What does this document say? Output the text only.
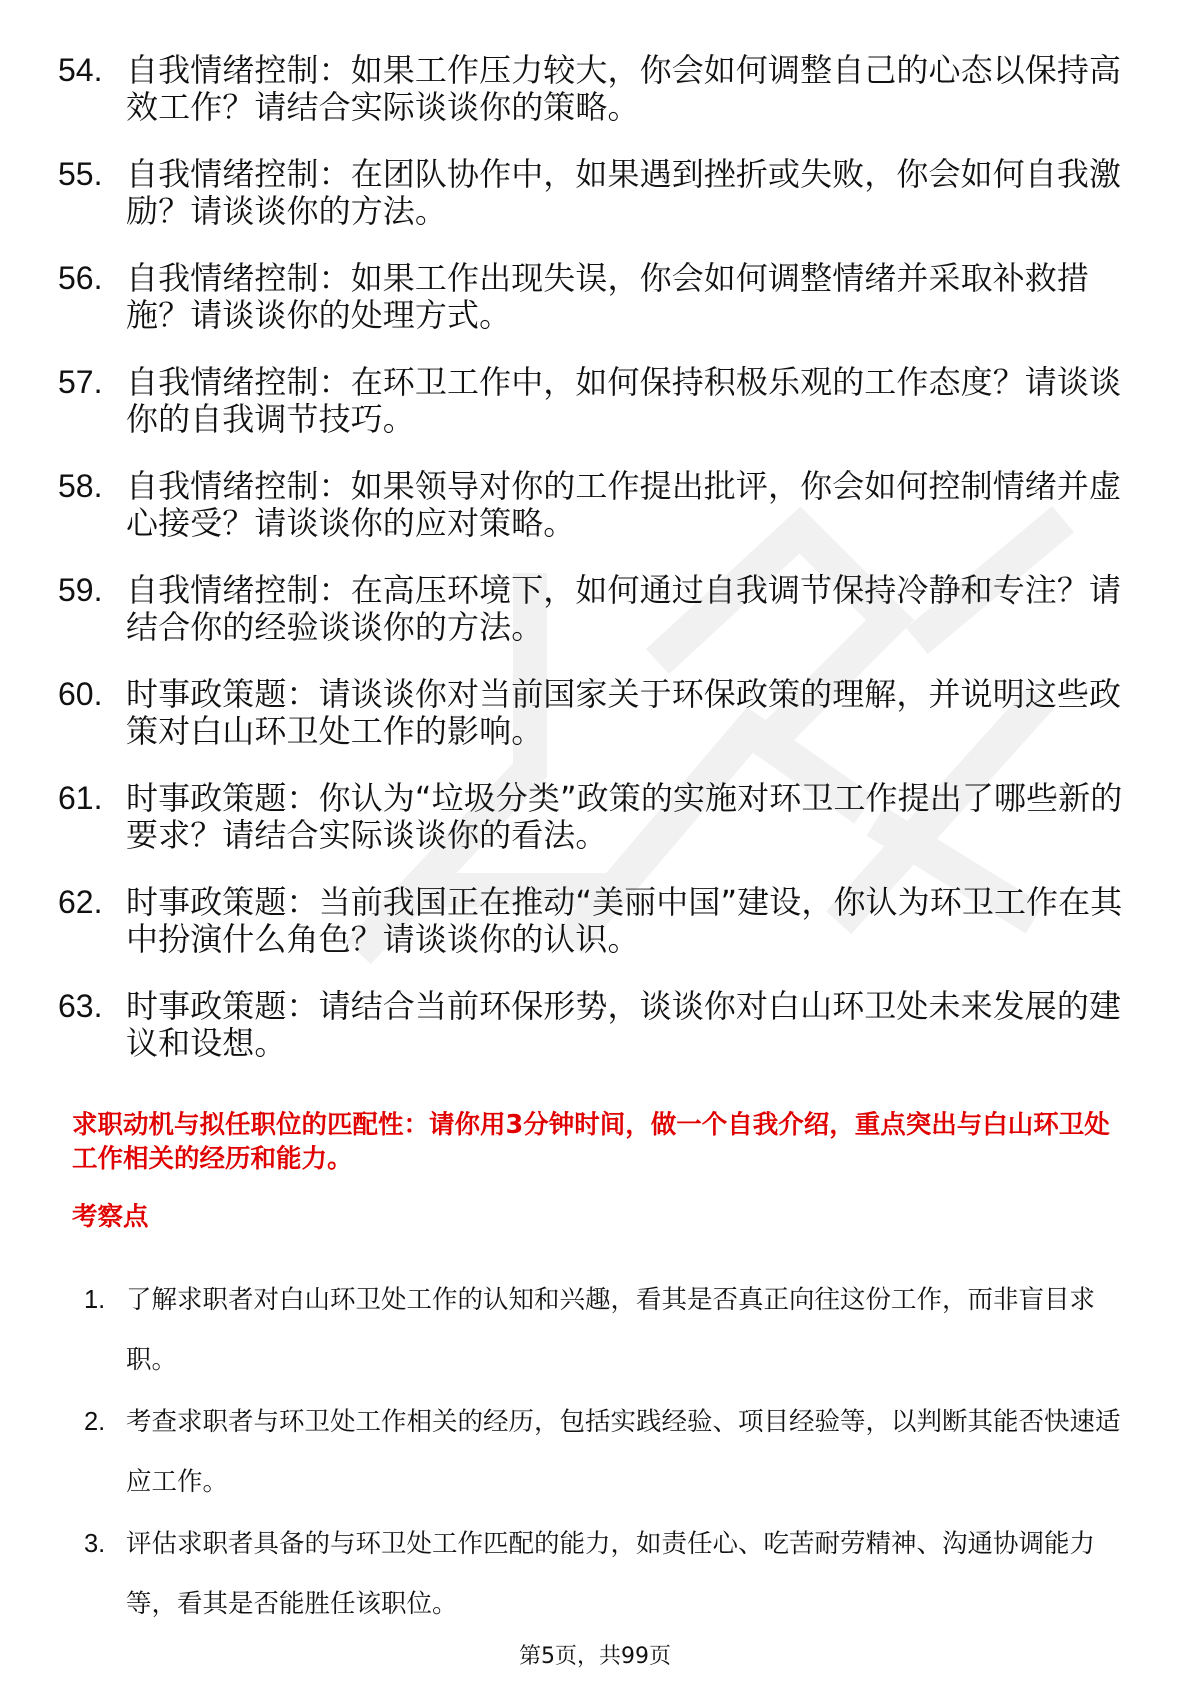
54. 自我情绪控制：如果工作压力较大，你会如何调整自己的心态以保持高效工作？请结合实际谈谈你的策略。
55. 自我情绪控制：在团队协作中，如果遇到挫折或失败，你会如何自我激励？请谈谈你的方法。
56. 自我情绪控制：如果工作出现失误，你会如何调整情绪并采取补救措施？请谈谈你的处理方式。
57. 自我情绪控制：在环卫工作中，如何保持积极乐观的工作态度？请谈谈你的自我调节技巧。
58. 自我情绪控制：如果领导对你的工作提出批评，你会如何控制情绪并虚心接受？请谈谈你的应对策略。
59. 自我情绪控制：在高压环境下，如何通过自我调节保持冷静和专注？请结合你的经验谈谈你的方法。
60. 时事政策题：请谈谈你对当前国家关于环保政策的理解，并说明这些政策对白山环卫处工作的影响。
61. 时事政策题：你认为“垃圾分类”政策的实施对环卫工作提出了哪些新的要求？请结合实际谈谈你的看法。
62. 时事政策题：当前我国正在推动“美丽中国”建设，你认为环卫工作在其中扮演什么角色？请谈谈你的认识。
63. 时事政策题：请结合当前环保形势，谈谈你对白山环卫处未来发展的建议和设想。

求职动机与拟任职位的匹配性：请你用3分钟时间，做一个自我介绍，重点突出与白山环卫处工作相关的经历和能力。

考察点

1. 了解求职者对白山环卫处工作的认知和兴趣，看其是否真正向往这份工作，而非盲目求职。
2. 考查求职者与环卫处工作相关的经历，包括实践经验、项目经验等，以判断其能否快速适应工作。
3. 评估求职者具备的与环卫处工作匹配的能力，如责任心、吃苦耐劳精神、沟通协调能力等，看其是否能胜任该职位。
第5页，共99页
